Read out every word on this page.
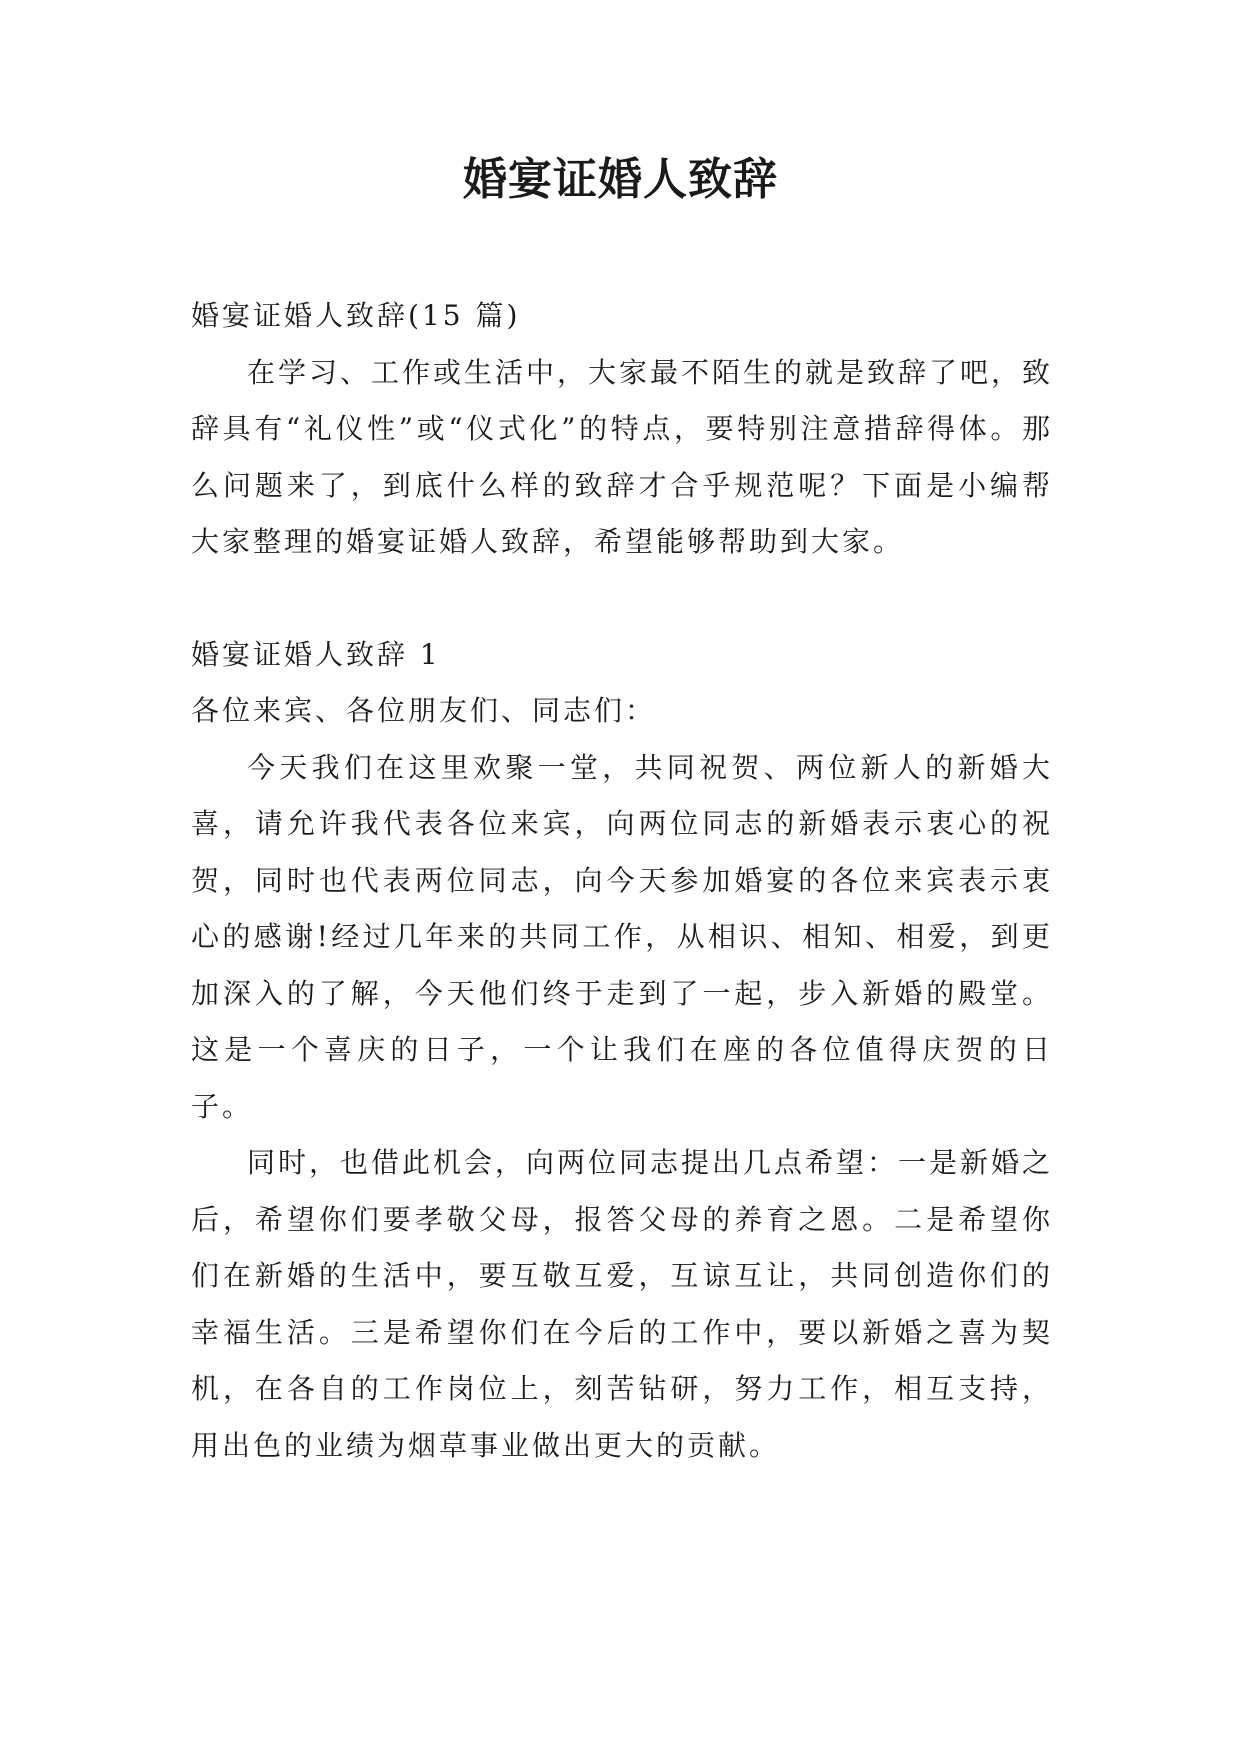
婚宴证婚人致辞

婚宴证婚人致辞(15 篇)

在学习、工作或生活中，大家最不陌生的就是致辞了吧，致辞具有“礼仪性”或“仪式化”的特点，要特别注意措辞得体。那么问题来了，到底什么样的致辞才合乎规范呢？下面是小编帮大家整理的婚宴证婚人致辞，希望能够帮助到大家。

婚宴证婚人致辞 1

各位来宾、各位朋友们、同志们：

今天我们在这里欢聚一堂，共同祝贺、两位新人的新婚大喜，请允许我代表各位来宾，向两位同志的新婚表示衷心的祝贺，同时也代表两位同志，向今天参加婚宴的各位来宾表示衷心的感谢!经过几年来的共同工作，从相识、相知、相爱，到更加深入的了解，今天他们终于走到了一起，步入新婚的殿堂。这是一个喜庆的日子，一个让我们在座的各位值得庆贺的日子。

同时，也借此机会，向两位同志提出几点希望：一是新婚之后，希望你们要孝敬父母，报答父母的养育之恩。二是希望你们在新婚的生活中，要互敬互爱，互谅互让，共同创造你们的幸福生活。三是希望你们在今后的工作中，要以新婚之喜为契机，在各自的工作岗位上，刻苦钻研，努力工作，相互支持，用出色的业绩为烟草事业做出更大的贡献。
